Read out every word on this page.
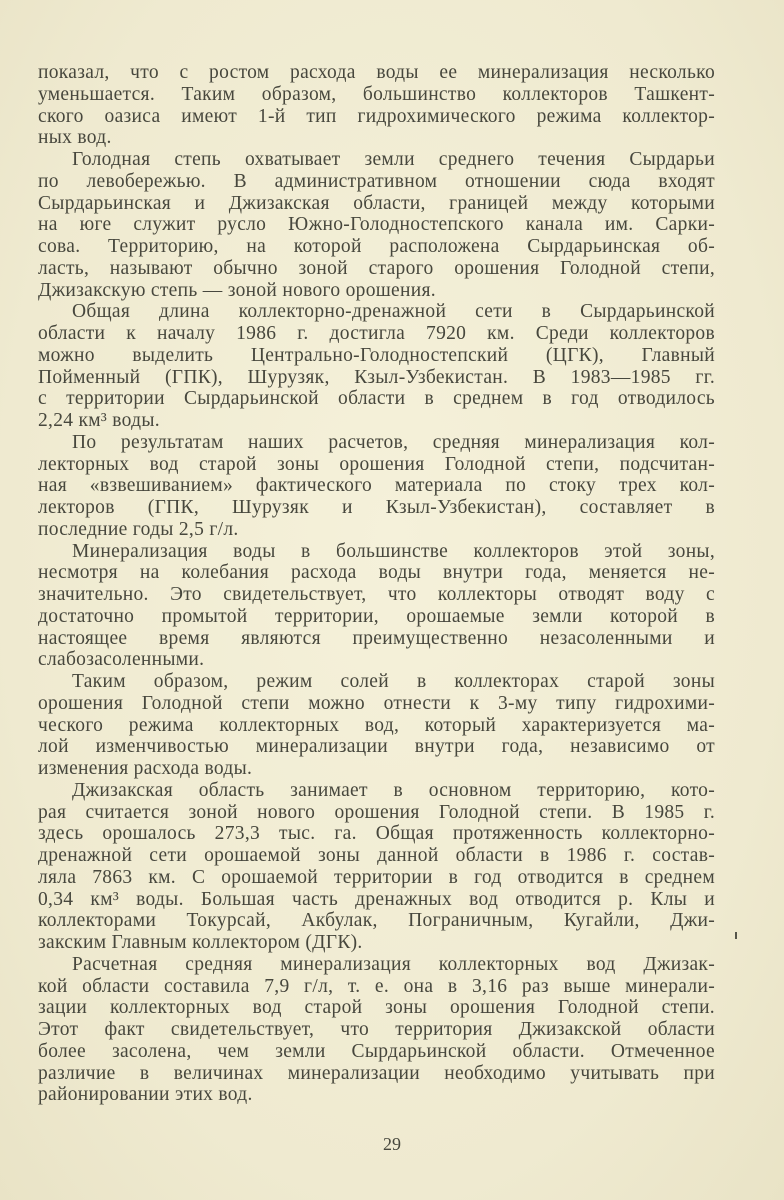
показал, что с ростом расхода воды ее минерализация несколько
уменьшается. Таким образом, большинство коллекторов Ташкент-
ского оазиса имеют 1-й тип гидрохимического режима коллектор-
ных вод.
Голодная степь охватывает земли среднего течения Сырдарьи
по левобережью. В административном отношении сюда входят
Сырдарьинская и Джизакская области, границей между которыми
на юге служит русло Южно-Голодностепского канала им. Сарки-
сова. Территорию, на которой расположена Сырдарьинская об-
ласть, называют обычно зоной старого орошения Голодной степи,
Джизакскую степь — зоной нового орошения.
Общая длина коллекторно-дренажной сети в Сырдарьинской
области к началу 1986 г. достигла 7920 км. Среди коллекторов
можно выделить Центрально-Голодностепский (ЦГК), Главный
Пойменный (ГПК), Шурузяк, Кзыл-Узбекистан. В 1983—1985 гг.
с территории Сырдарьинской области в среднем в год отводилось
2,24 км³ воды.
По результатам наших расчетов, средняя минерализация кол-
лекторных вод старой зоны орошения Голодной степи, подсчитан-
ная «взвешиванием» фактического материала по стоку трех кол-
лекторов (ГПК, Шурузяк и Кзыл-Узбекистан), составляет в
последние годы 2,5 г/л.
Минерализация воды в большинстве коллекторов этой зоны,
несмотря на колебания расхода воды внутри года, меняется не-
значительно. Это свидетельствует, что коллекторы отводят воду с
достаточно промытой территории, орошаемые земли которой в
настоящее время являются преимущественно незасоленными и
слабозасоленными.
Таким образом, режим солей в коллекторах старой зоны
орошения Голодной степи можно отнести к 3-му типу гидрохими-
ческого режима коллекторных вод, который характеризуется ма-
лой изменчивостью минерализации внутри года, независимо от
изменения расхода воды.
Джизакская область занимает в основном территорию, кото-
рая считается зоной нового орошения Голодной степи. В 1985 г.
здесь орошалось 273,3 тыс. га. Общая протяженность коллекторно-
дренажной сети орошаемой зоны данной области в 1986 г. состав-
ляла 7863 км. С орошаемой территории в год отводится в среднем
0,34 км³ воды. Большая часть дренажных вод отводится р. Клы и
коллекторами Токурсай, Акбулак, Пограничным, Кугайли, Джи-
закским Главным коллектором (ДГК).
Расчетная средняя минерализация коллекторных вод Джизак-
кой области составила 7,9 г/л, т. е. она в 3,16 раз выше минерали-
зации коллекторных вод старой зоны орошения Голодной степи.
Этот факт свидетельствует, что территория Джизакской области
более засолена, чем земли Сырдарьинской области. Отмеченное
различие в величинах минерализации необходимо учитывать при
районировании этих вод.
29
